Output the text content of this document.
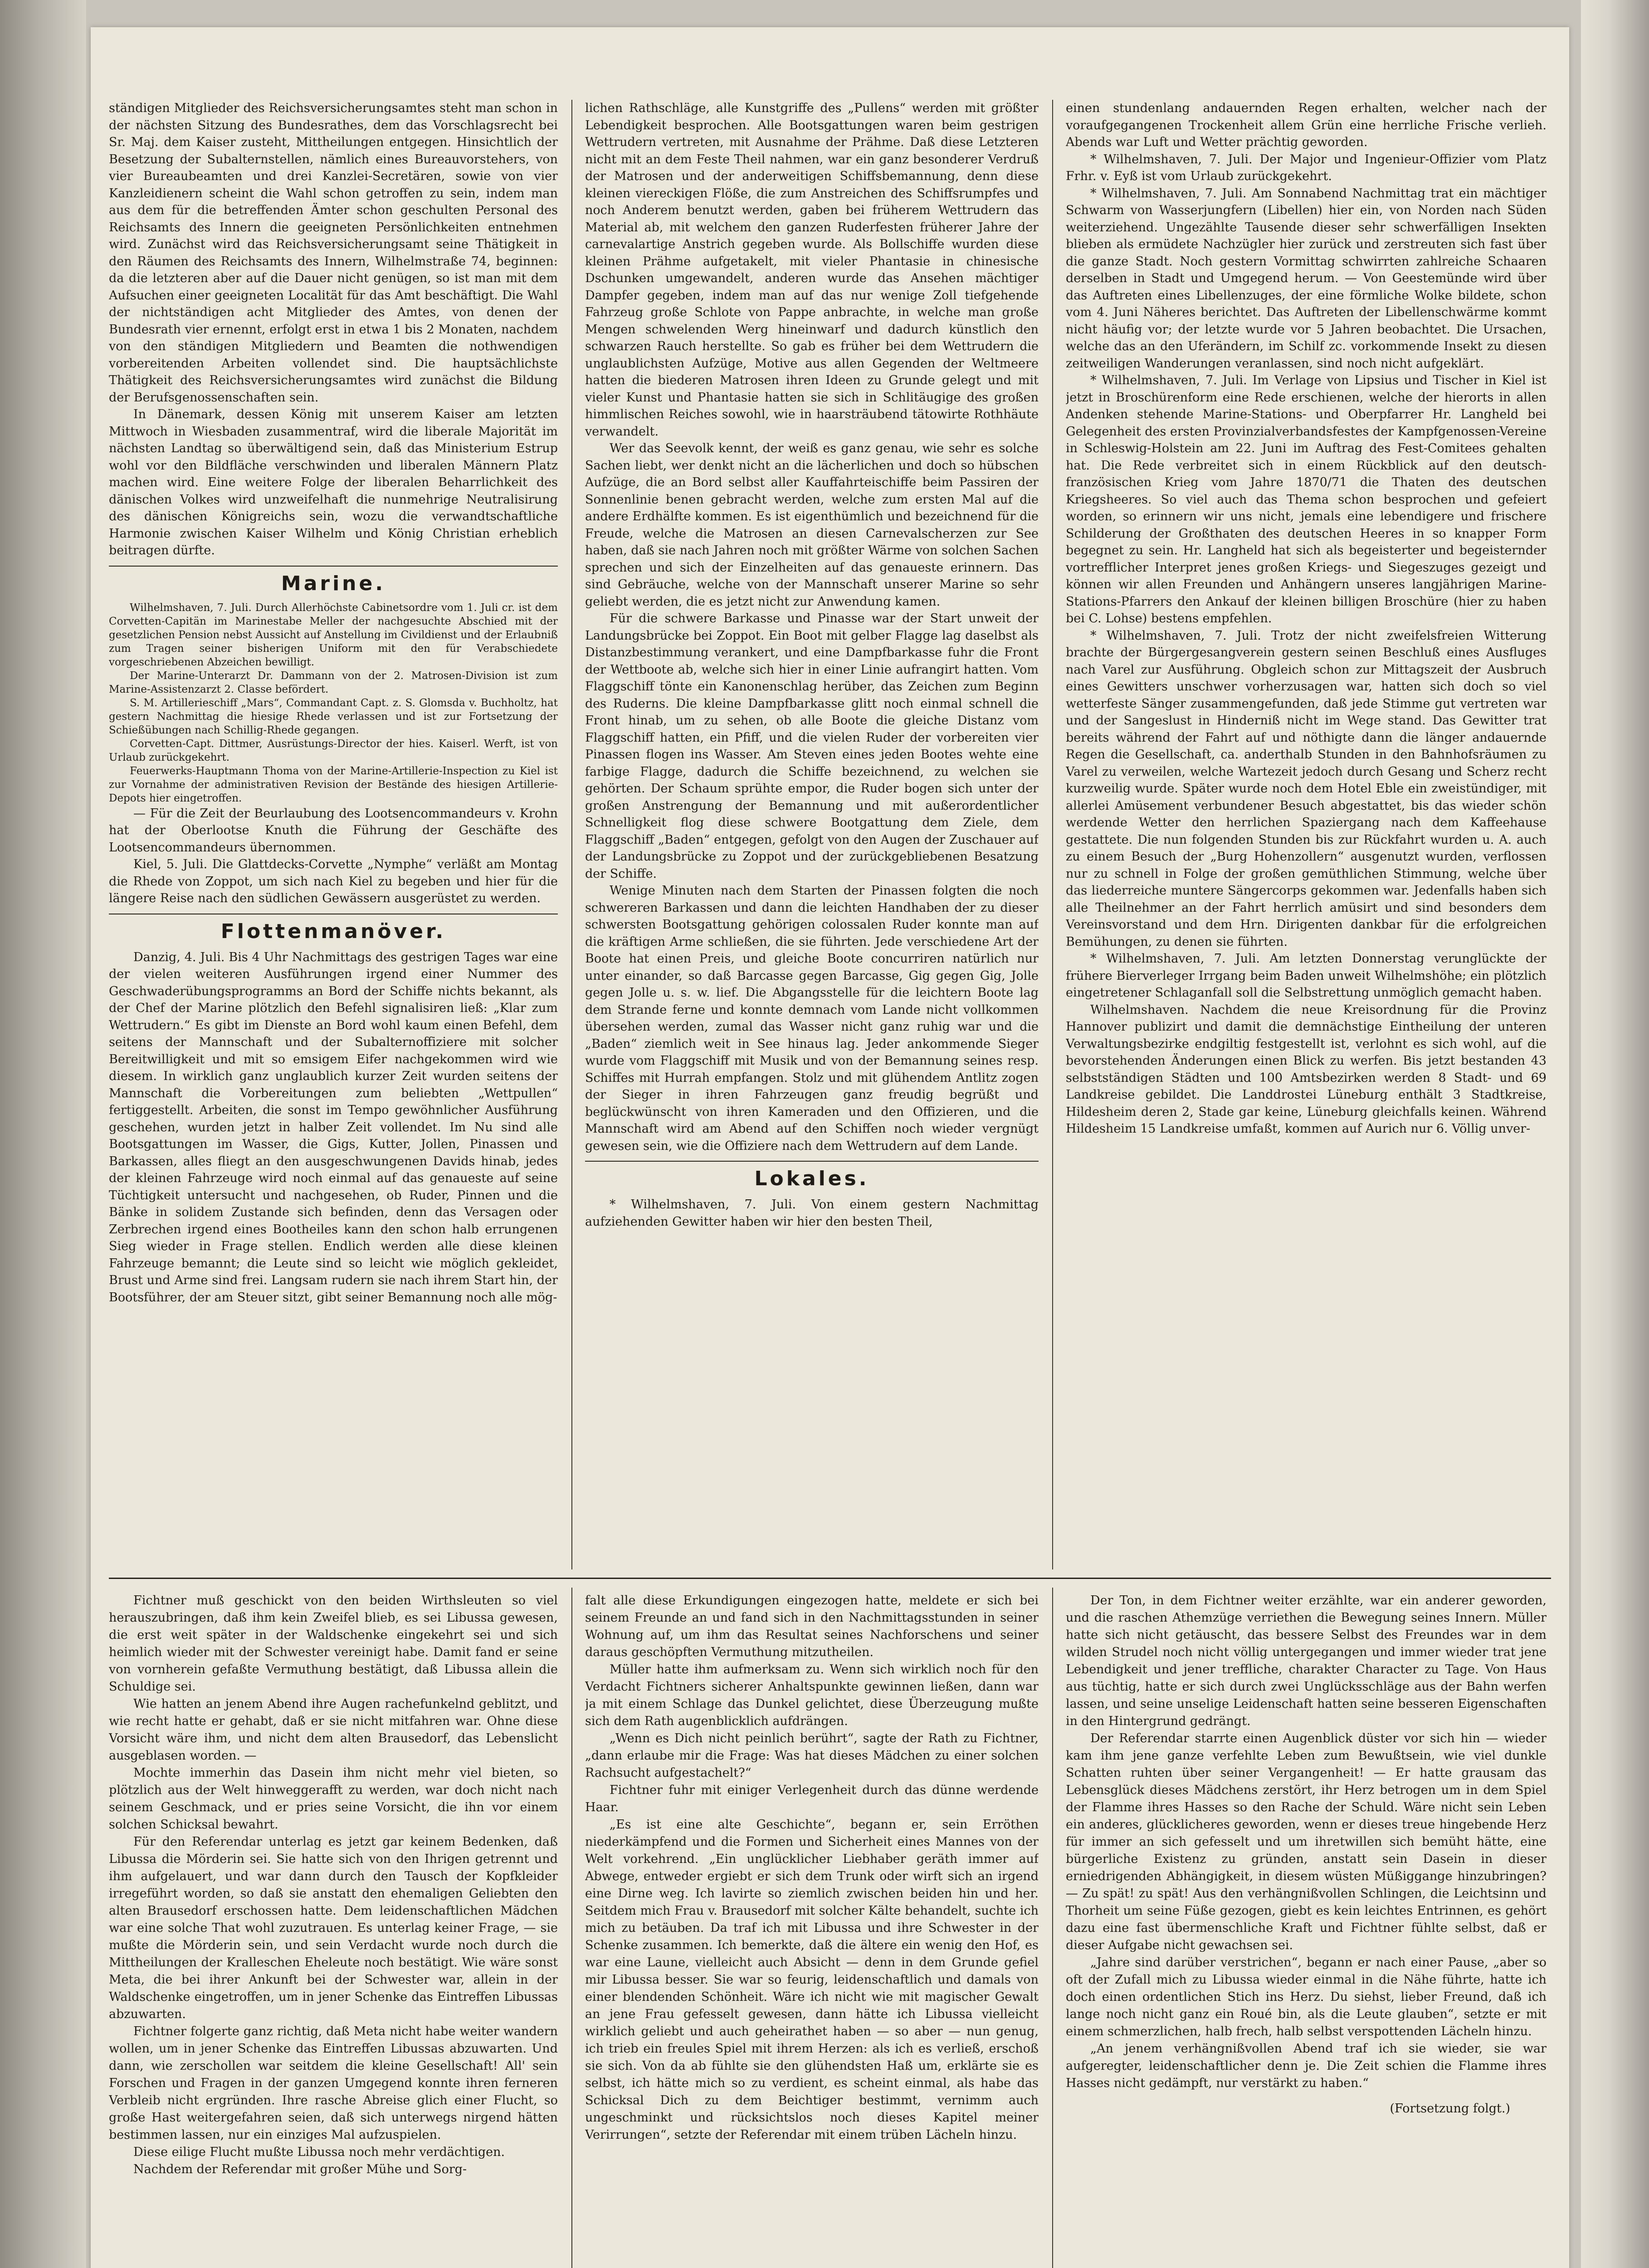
ständigen Mitglieder des Reichsversicherungsamtes steht man schon in der nächsten Sitzung des Bundesrathes, dem das Vorschlagsrecht bei Sr. Maj. dem Kaiser zusteht, Mittheilungen entgegen. Hinsichtlich der Besetzung der Subalternstellen, nämlich eines Bureauvorstehers, von vier Bureaubeamten und drei Kanzlei-Secretären, sowie von vier Kanzleidienern scheint die Wahl schon getroffen zu sein, indem man aus dem für die betreffenden Ämter schon geschulten Personal des Reichsamts des Innern die geeigneten Persönlichkeiten entnehmen wird. Zunächst wird das Reichsversicherungsamt seine Thätigkeit in den Räumen des Reichsamts des Innern, Wilhelmstraße 74, beginnen: da die letzteren aber auf die Dauer nicht genügen, so ist man mit dem Aufsuchen einer geeigneten Localität für das Amt beschäftigt. Die Wahl der nichtständigen acht Mitglieder des Amtes, von denen der Bundesrath vier ernennt, erfolgt erst in etwa 1 bis 2 Monaten, nachdem von den ständigen Mitgliedern und Beamten die nothwendigen vorbereitenden Arbeiten vollendet sind. Die hauptsächlichste Thätigkeit des Reichsversicherungsamtes wird zunächst die Bildung der Berufsgenossenschaften sein.

In Dänemark, dessen König mit unserem Kaiser am letzten Mittwoch in Wiesbaden zusammentraf, wird die liberale Majorität im nächsten Landtag so überwältigend sein, daß das Ministerium Estrup wohl vor den Bildfläche verschwinden und liberalen Männern Platz machen wird. Eine weitere Folge der liberalen Beharrlichkeit des dänischen Volkes wird unzweifelhaft die nunmehrige Neutralisirung des dänischen Königreichs sein, wozu die verwandtschaftliche Harmonie zwischen Kaiser Wilhelm und König Christian erheblich beitragen dürfte.

Marine.

Wilhelmshaven, 7. Juli. Durch Allerhöchste Cabinetsordre vom 1. Juli cr. ist dem Corvetten-Capitän im Marinestabe Meller der nachgesuchte Abschied mit der gesetzlichen Pension nebst Aussicht auf Anstellung im Civildienst und der Erlaubniß zum Tragen seiner bisherigen Uniform mit den für Verabschiedete vorgeschriebenen Abzeichen bewilligt.

Der Marine-Unterarzt Dr. Dammann von der 2. Matrosen-Division ist zum Marine-Assistenzarzt 2. Classe befördert.

S. M. Artillerieschiff „Mars“, Commandant Capt. z. S. Glomsda v. Buchholtz, hat gestern Nachmittag die hiesige Rhede verlassen und ist zur Fortsetzung der Schießübungen nach Schillig-Rhede gegangen.

Corvetten-Capt. Dittmer, Ausrüstungs-Director der hies. Kaiserl. Werft, ist von Urlaub zurückgekehrt.

Feuerwerks-Hauptmann Thoma von der Marine-Artillerie-Inspection zu Kiel ist zur Vornahme der administrativen Revision der Bestände des hiesigen Artillerie-Depots hier eingetroffen.

— Für die Zeit der Beurlaubung des Lootsencommandeurs v. Krohn hat der Oberlootse Knuth die Führung der Geschäfte des Lootsencommandeurs übernommen.

Kiel, 5. Juli. Die Glattdecks-Corvette „Nymphe“ verläßt am Montag die Rhede von Zoppot, um sich nach Kiel zu begeben und hier für die längere Reise nach den südlichen Gewässern ausgerüstet zu werden.

Flottenmanöver.

Danzig, 4. Juli. Bis 4 Uhr Nachmittags des gestrigen Tages war eine der vielen weiteren Ausführungen irgend einer Nummer des Geschwaderübungsprogramms an Bord der Schiffe nichts bekannt, als der Chef der Marine plötzlich den Befehl signalisiren ließ: „Klar zum Wettrudern.“ Es gibt im Dienste an Bord wohl kaum einen Befehl, dem seitens der Mannschaft und der Subalternoffiziere mit solcher Bereitwilligkeit und mit so emsigem Eifer nachgekommen wird wie diesem. In wirklich ganz unglaublich kurzer Zeit wurden seitens der Mannschaft die Vorbereitungen zum beliebten „Wettpullen“ fertiggestellt. Arbeiten, die sonst im Tempo gewöhnlicher Ausführung geschehen, wurden jetzt in halber Zeit vollendet. Im Nu sind alle Bootsgattungen im Wasser, die Gigs, Kutter, Jollen, Pinassen und Barkassen, alles fliegt an den ausgeschwungenen Davids hinab, jedes der kleinen Fahrzeuge wird noch einmal auf das genaueste auf seine Tüchtigkeit untersucht und nachgesehen, ob Ruder, Pinnen und die Bänke in solidem Zustande sich befinden, denn das Versagen oder Zerbrechen irgend eines Bootheiles kann den schon halb errungenen Sieg wieder in Frage stellen. Endlich werden alle diese kleinen Fahrzeuge bemannt; die Leute sind so leicht wie möglich gekleidet, Brust und Arme sind frei. Langsam rudern sie nach ihrem Start hin, der Bootsführer, der am Steuer sitzt, gibt seiner Bemannung noch alle mög-

lichen Rathschläge, alle Kunstgriffe des „Pullens“ werden mit größter Lebendigkeit besprochen. Alle Bootsgattungen waren beim gestrigen Wettrudern vertreten, mit Ausnahme der Prähme. Daß diese Letzteren nicht mit an dem Feste Theil nahmen, war ein ganz besonderer Verdruß der Matrosen und der anderweitigen Schiffsbemannung, denn diese kleinen viereckigen Flöße, die zum Anstreichen des Schiffsrumpfes und noch Anderem benutzt werden, gaben bei früherem Wettrudern das Material ab, mit welchem den ganzen Ruderfesten früherer Jahre der carnevalartige Anstrich gegeben wurde. Als Bollschiffe wurden diese kleinen Prähme aufgetakelt, mit vieler Phantasie in chinesische Dschunken umgewandelt, anderen wurde das Ansehen mächtiger Dampfer gegeben, indem man auf das nur wenige Zoll tiefgehende Fahrzeug große Schlote von Pappe anbrachte, in welche man große Mengen schwelenden Werg hineinwarf und dadurch künstlich den schwarzen Rauch herstellte. So gab es früher bei dem Wettrudern die unglaublichsten Aufzüge, Motive aus allen Gegenden der Weltmeere hatten die biederen Matrosen ihren Ideen zu Grunde gelegt und mit vieler Kunst und Phantasie hatten sie sich in Schlitäugige des großen himmlischen Reiches sowohl, wie in haarsträubend tätowirte Rothhäute verwandelt.

Wer das Seevolk kennt, der weiß es ganz genau, wie sehr es solche Sachen liebt, wer denkt nicht an die lächerlichen und doch so hübschen Aufzüge, die an Bord selbst aller Kauffahrteischiffe beim Passiren der Sonnenlinie benen gebracht werden, welche zum ersten Mal auf die andere Erdhälfte kommen. Es ist eigenthümlich und bezeichnend für die Freude, welche die Matrosen an diesen Carnevalscherzen zur See haben, daß sie nach Jahren noch mit größter Wärme von solchen Sachen sprechen und sich der Einzelheiten auf das genaueste erinnern. Das sind Gebräuche, welche von der Mannschaft unserer Marine so sehr geliebt werden, die es jetzt nicht zur Anwendung kamen.

Für die schwere Barkasse und Pinasse war der Start unweit der Landungsbrücke bei Zoppot. Ein Boot mit gelber Flagge lag daselbst als Distanzbestimmung verankert, und eine Dampfbarkasse fuhr die Front der Wettboote ab, welche sich hier in einer Linie aufrangirt hatten. Vom Flaggschiff tönte ein Kanonenschlag herüber, das Zeichen zum Beginn des Ruderns. Die kleine Dampfbarkasse glitt noch einmal schnell die Front hinab, um zu sehen, ob alle Boote die gleiche Distanz vom Flaggschiff hatten, ein Pfiff, und die vielen Ruder der vorbereiten vier Pinassen flogen ins Wasser. Am Steven eines jeden Bootes wehte eine farbige Flagge, dadurch die Schiffe bezeichnend, zu welchen sie gehörten. Der Schaum sprühte empor, die Ruder bogen sich unter der großen Anstrengung der Bemannung und mit außerordentlicher Schnelligkeit flog diese schwere Bootgattung dem Ziele, dem Flaggschiff „Baden“ entgegen, gefolgt von den Augen der Zuschauer auf der Landungsbrücke zu Zoppot und der zurückgebliebenen Besatzung der Schiffe.

Wenige Minuten nach dem Starten der Pinassen folgten die noch schwereren Barkassen und dann die leichten Handhaben der zu dieser schwersten Bootsgattung gehörigen colossalen Ruder konnte man auf die kräftigen Arme schließen, die sie führten. Jede verschiedene Art der Boote hat einen Preis, und gleiche Boote concurriren natürlich nur unter einander, so daß Barcasse gegen Barcasse, Gig gegen Gig, Jolle gegen Jolle u. s. w. lief. Die Abgangsstelle für die leichtern Boote lag dem Strande ferne und konnte demnach vom Lande nicht vollkommen übersehen werden, zumal das Wasser nicht ganz ruhig war und die „Baden“ ziemlich weit in See hinaus lag. Jeder ankommende Sieger wurde vom Flaggschiff mit Musik und von der Bemannung seines resp. Schiffes mit Hurrah empfangen. Stolz und mit glühendem Antlitz zogen der Sieger in ihren Fahrzeugen ganz freudig begrüßt und beglückwünscht von ihren Kameraden und den Offizieren, und die Mannschaft wird am Abend auf den Schiffen noch wieder vergnügt gewesen sein, wie die Offiziere nach dem Wettrudern auf dem Lande.

Lokales.

* Wilhelmshaven, 7. Juli. Von einem gestern Nachmittag aufziehenden Gewitter haben wir hier den besten Theil,

einen stundenlang andauernden Regen erhalten, welcher nach der voraufgegangenen Trockenheit allem Grün eine herrliche Frische verlieh. Abends war Luft und Wetter prächtig geworden.

* Wilhelmshaven, 7. Juli. Der Major und Ingenieur-Offizier vom Platz Frhr. v. Eyß ist vom Urlaub zurückgekehrt.

* Wilhelmshaven, 7. Juli. Am Sonnabend Nachmittag trat ein mächtiger Schwarm von Wasserjungfern (Libellen) hier ein, von Norden nach Süden weiterziehend. Ungezählte Tausende dieser sehr schwerfälligen Insekten blieben als ermüdete Nachzügler hier zurück und zerstreuten sich fast über die ganze Stadt. Noch gestern Vormittag schwirrten zahlreiche Schaaren derselben in Stadt und Umgegend herum. — Von Geestemünde wird über das Auftreten eines Libellenzuges, der eine förmliche Wolke bildete, schon vom 4. Juni Näheres berichtet. Das Auftreten der Libellenschwärme kommt nicht häufig vor; der letzte wurde vor 5 Jahren beobachtet. Die Ursachen, welche das an den Uferändern, im Schilf zc. vorkommende Insekt zu diesen zeitweiligen Wanderungen veranlassen, sind noch nicht aufgeklärt.

* Wilhelmshaven, 7. Juli. Im Verlage von Lipsius und Tischer in Kiel ist jetzt in Broschürenform eine Rede erschienen, welche der hierorts in allen Andenken stehende Marine-Stations- und Oberpfarrer Hr. Langheld bei Gelegenheit des ersten Provinzialverbandsfestes der Kampfgenossen-Vereine in Schleswig-Holstein am 22. Juni im Auftrag des Fest-Comitees gehalten hat. Die Rede verbreitet sich in einem Rückblick auf den deutsch-französischen Krieg vom Jahre 1870/71 die Thaten des deutschen Kriegsheeres. So viel auch das Thema schon besprochen und gefeiert worden, so erinnern wir uns nicht, jemals eine lebendigere und frischere Schilderung der Großthaten des deutschen Heeres in so knapper Form begegnet zu sein. Hr. Langheld hat sich als begeisterter und begeisternder vortrefflicher Interpret jenes großen Kriegs- und Siegeszuges gezeigt und können wir allen Freunden und Anhängern unseres langjährigen Marine-Stations-Pfarrers den Ankauf der kleinen billigen Broschüre (hier zu haben bei C. Lohse) bestens empfehlen.

* Wilhelmshaven, 7. Juli. Trotz der nicht zweifelsfreien Witterung brachte der Bürgergesangverein gestern seinen Beschluß eines Ausfluges nach Varel zur Ausführung. Obgleich schon zur Mittagszeit der Ausbruch eines Gewitters unschwer vorherzusagen war, hatten sich doch so viel wetterfeste Sänger zusammengefunden, daß jede Stimme gut vertreten war und der Sangeslust in Hinderniß nicht im Wege stand. Das Gewitter trat bereits während der Fahrt auf und nöthigte dann die länger andauernde Regen die Gesellschaft, ca. anderthalb Stunden in den Bahnhofsräumen zu Varel zu verweilen, welche Wartezeit jedoch durch Gesang und Scherz recht kurzweilig wurde. Später wurde noch dem Hotel Eble ein zweistündiger, mit allerlei Amüsement verbundener Besuch abgestattet, bis das wieder schön werdende Wetter den herrlichen Spaziergang nach dem Kaffeehause gestattete. Die nun folgenden Stunden bis zur Rückfahrt wurden u. A. auch zu einem Besuch der „Burg Hohenzollern“ ausgenutzt wurden, verflossen nur zu schnell in Folge der großen gemüthlichen Stimmung, welche über das liederreiche muntere Sängercorps gekommen war. Jedenfalls haben sich alle Theilnehmer an der Fahrt herrlich amüsirt und sind besonders dem Vereinsvorstand und dem Hrn. Dirigenten dankbar für die erfolgreichen Bemühungen, zu denen sie führten.

* Wilhelmshaven, 7. Juli. Am letzten Donnerstag verunglückte der frühere Bierverleger Irrgang beim Baden unweit Wilhelmshöhe; ein plötzlich eingetretener Schlaganfall soll die Selbstrettung unmöglich gemacht haben.

Wilhelmshaven. Nachdem die neue Kreisordnung für die Provinz Hannover publizirt und damit die demnächstige Eintheilung der unteren Verwaltungsbezirke endgiltig festgestellt ist, verlohnt es sich wohl, auf die bevorstehenden Änderungen einen Blick zu werfen. Bis jetzt bestanden 43 selbstständigen Städten und 100 Amtsbezirken werden 8 Stadt- und 69 Landkreise gebildet. Die Landdrostei Lüneburg enthält 3 Stadtkreise, Hildesheim deren 2, Stade gar keine, Lüneburg gleichfalls keinen. Während Hildesheim 15 Landkreise umfaßt, kommen auf Aurich nur 6. Völlig unver-

Fichtner muß geschickt von den beiden Wirthsleuten so viel herauszubringen, daß ihm kein Zweifel blieb, es sei Libussa gewesen, die erst weit später in der Waldschenke eingekehrt sei und sich heimlich wieder mit der Schwester vereinigt habe. Damit fand er seine von vornherein gefaßte Vermuthung bestätigt, daß Libussa allein die Schuldige sei.

Wie hatten an jenem Abend ihre Augen rachefunkelnd geblitzt, und wie recht hatte er gehabt, daß er sie nicht mitfahren war. Ohne diese Vorsicht wäre ihm, und nicht dem alten Brausedorf, das Lebenslicht ausgeblasen worden. —

Mochte immerhin das Dasein ihm nicht mehr viel bieten, so plötzlich aus der Welt hinweggerafft zu werden, war doch nicht nach seinem Geschmack, und er pries seine Vorsicht, die ihn vor einem solchen Schicksal bewahrt.

Für den Referendar unterlag es jetzt gar keinem Bedenken, daß Libussa die Mörderin sei. Sie hatte sich von den Ihrigen getrennt und ihm aufgelauert, und war dann durch den Tausch der Kopfkleider irregeführt worden, so daß sie anstatt den ehemaligen Geliebten den alten Brausedorf erschossen hatte. Dem leidenschaftlichen Mädchen war eine solche That wohl zuzutrauen. Es unterlag keiner Frage, — sie mußte die Mörderin sein, und sein Verdacht wurde noch durch die Mittheilungen der Kralleschen Eheleute noch bestätigt. Wie wäre sonst Meta, die bei ihrer Ankunft bei der Schwester war, allein in der Waldschenke eingetroffen, um in jener Schenke das Eintreffen Libussas abzuwarten.

Fichtner folgerte ganz richtig, daß Meta nicht habe weiter wandern wollen, um in jener Schenke das Eintreffen Libussas abzuwarten. Und dann, wie zerschollen war seitdem die kleine Gesellschaft! All' sein Forschen und Fragen in der ganzen Umgegend konnte ihren ferneren Verbleib nicht ergründen. Ihre rasche Abreise glich einer Flucht, so große Hast weitergefahren seien, daß sich unterwegs nirgend hätten bestimmen lassen, nur ein einziges Mal aufzuspielen.

Diese eilige Flucht mußte Libussa noch mehr verdächtigen.

Nachdem der Referendar mit großer Mühe und Sorg-

falt alle diese Erkundigungen eingezogen hatte, meldete er sich bei seinem Freunde an und fand sich in den Nachmittagsstunden in seiner Wohnung auf, um ihm das Resultat seines Nachforschens und seiner daraus geschöpften Vermuthung mitzutheilen.

Müller hatte ihm aufmerksam zu. Wenn sich wirklich noch für den Verdacht Fichtners sicherer Anhaltspunkte gewinnen ließen, dann war ja mit einem Schlage das Dunkel gelichtet, diese Überzeugung mußte sich dem Rath augenblicklich aufdrängen.

„Wenn es Dich nicht peinlich berührt“, sagte der Rath zu Fichtner, „dann erlaube mir die Frage: Was hat dieses Mädchen zu einer solchen Rachsucht aufgestachelt?“

Fichtner fuhr mit einiger Verlegenheit durch das dünne werdende Haar.

„Es ist eine alte Geschichte“, begann er, sein Erröthen niederkämpfend und die Formen und Sicherheit eines Mannes von der Welt vorkehrend. „Ein unglücklicher Liebhaber geräth immer auf Abwege, entweder ergiebt er sich dem Trunk oder wirft sich an irgend eine Dirne weg. Ich lavirte so ziemlich zwischen beiden hin und her. Seitdem mich Frau v. Brausedorf mit solcher Kälte behandelt, suchte ich mich zu betäuben. Da traf ich mit Libussa und ihre Schwester in der Schenke zusammen. Ich bemerkte, daß die ältere ein wenig den Hof, es war eine Laune, vielleicht auch Absicht — denn in dem Grunde gefiel mir Libussa besser. Sie war so feurig, leidenschaftlich und damals von einer blendenden Schönheit. Wäre ich nicht wie mit magischer Gewalt an jene Frau gefesselt gewesen, dann hätte ich Libussa vielleicht wirklich geliebt und auch geheirathet haben — so aber — nun genug, ich trieb ein freules Spiel mit ihrem Herzen: als ich es verließ, erschoß sie sich. Von da ab fühlte sie den glühendsten Haß um, erklärte sie es selbst, ich hätte mich so zu verdient, es scheint einmal, als habe das Schicksal Dich zu dem Beichtiger bestimmt, vernimm auch ungeschminkt und rücksichtslos noch dieses Kapitel meiner Verirrungen“, setzte der Referendar mit einem trüben Lächeln hinzu.

Der Ton, in dem Fichtner weiter erzählte, war ein anderer geworden, und die raschen Athemzüge verriethen die Bewegung seines Innern. Müller hatte sich nicht getäuscht, das bessere Selbst des Freundes war in dem wilden Strudel noch nicht völlig untergegangen und immer wieder trat jene Lebendigkeit und jener treffliche, charakter Character zu Tage. Von Haus aus tüchtig, hatte er sich durch zwei Unglücksschläge aus der Bahn werfen lassen, und seine unselige Leidenschaft hatten seine besseren Eigenschaften in den Hintergrund gedrängt.

Der Referendar starrte einen Augenblick düster vor sich hin — wieder kam ihm jene ganze verfehlte Leben zum Bewußtsein, wie viel dunkle Schatten ruhten über seiner Vergangenheit! — Er hatte grausam das Lebensglück dieses Mädchens zerstört, ihr Herz betrogen um in dem Spiel der Flamme ihres Hasses so den Rache der Schuld. Wäre nicht sein Leben ein anderes, glücklicheres geworden, wenn er dieses treue hingebende Herz für immer an sich gefesselt und um ihretwillen sich bemüht hätte, eine bürgerliche Existenz zu gründen, anstatt sein Dasein in dieser erniedrigenden Abhängigkeit, in diesem wüsten Müßiggange hinzubringen? — Zu spät! zu spät! Aus den verhängnißvollen Schlingen, die Leichtsinn und Thorheit um seine Füße gezogen, giebt es kein leichtes Entrinnen, es gehört dazu eine fast übermenschliche Kraft und Fichtner fühlte selbst, daß er dieser Aufgabe nicht gewachsen sei.

„Jahre sind darüber verstrichen“, begann er nach einer Pause, „aber so oft der Zufall mich zu Libussa wieder einmal in die Nähe führte, hatte ich doch einen ordentlichen Stich ins Herz. Du siehst, lieber Freund, daß ich lange noch nicht ganz ein Roué bin, als die Leute glauben“, setzte er mit einem schmerzlichen, halb frech, halb selbst verspottenden Lächeln hinzu.

„An jenem verhängnißvollen Abend traf ich sie wieder, sie war aufgeregter, leidenschaftlicher denn je. Die Zeit schien die Flamme ihres Hasses nicht gedämpft, nur verstärkt zu haben.“

(Fortsetzung folgt.)
